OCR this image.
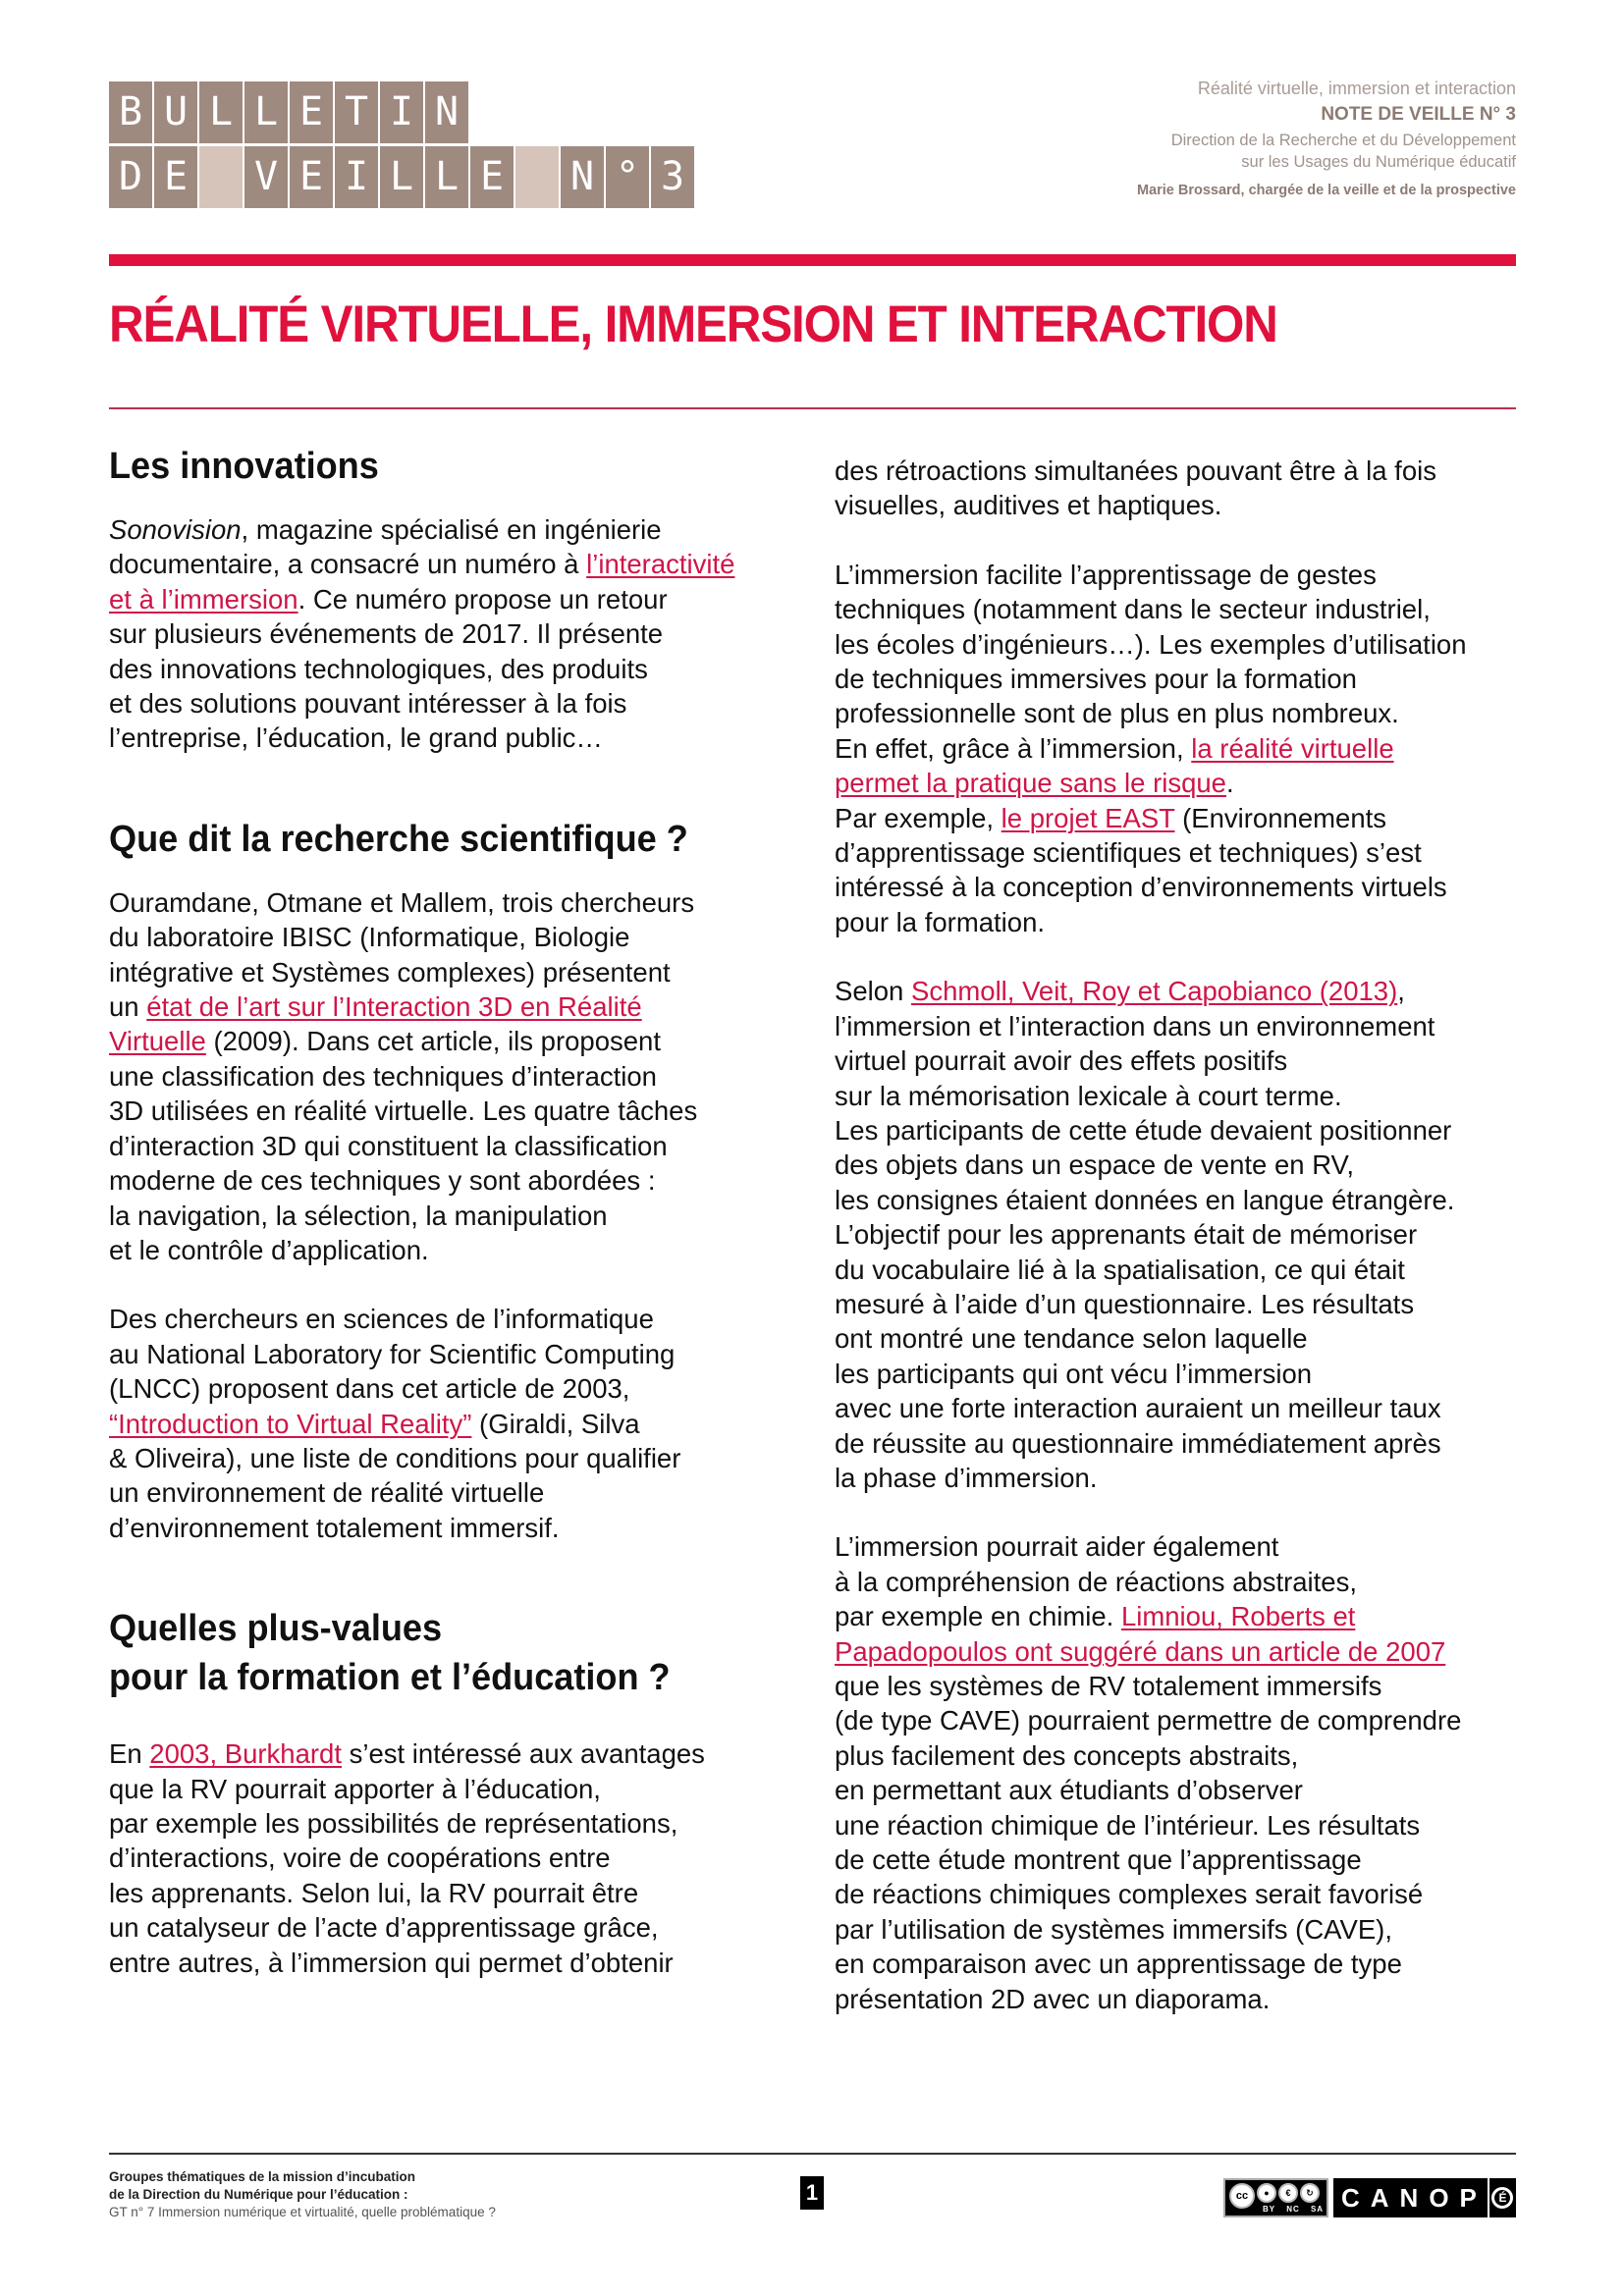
B U L L E T I N
D E V E I L L E N ° 3
Réalité virtuelle, immersion et interaction
NOTE DE VEILLE N° 3
Direction de la Recherche et du Développement
sur les Usages du Numérique éducatif
Marie Brossard, chargée de la veille et de la prospective
RÉALITÉ VIRTUELLE, IMMERSION ET INTERACTION
Les innovations
Sonovision, magazine spécialisé en ingénierie
documentaire, a consacré un numéro à l’interactivité
et à l’immersion. Ce numéro propose un retour
sur plusieurs événements de 2017. Il présente
des innovations technologiques, des produits
et des solutions pouvant intéresser à la fois
l’entreprise, l’éducation, le grand public…
Que dit la recherche scientifique ?
Ouramdane, Otmane et Mallem, trois chercheurs
du laboratoire IBISC (Informatique, Biologie
intégrative et Systèmes complexes) présentent
un état de l’art sur l’Interaction 3D en Réalité
Virtuelle (2009). Dans cet article, ils proposent
une classification des techniques d’interaction
3D utilisées en réalité virtuelle. Les quatre tâches
d’interaction 3D qui constituent la classification
moderne de ces techniques y sont abordées :
la navigation, la sélection, la manipulation
et le contrôle d’application.
Des chercheurs en sciences de l’informatique
au National Laboratory for Scientific Computing
(LNCC) proposent dans cet article de 2003,
“Introduction to Virtual Reality” (Giraldi, Silva
& Oliveira), une liste de conditions pour qualifier
un environnement de réalité virtuelle
d’environnement totalement immersif.
Quelles plus-values
pour la formation et l’éducation ?
En 2003, Burkhardt s’est intéressé aux avantages
que la RV pourrait apporter à l’éducation,
par exemple les possibilités de représentations,
d’interactions, voire de coopérations entre
les apprenants. Selon lui, la RV pourrait être
un catalyseur de l’acte d’apprentissage grâce,
entre autres, à l’immersion qui permet d’obtenir
des rétroactions simultanées pouvant être à la fois
visuelles, auditives et haptiques.
L’immersion facilite l’apprentissage de gestes
techniques (notamment dans le secteur industriel,
les écoles d’ingénieurs…). Les exemples d’utilisation
de techniques immersives pour la formation
professionnelle sont de plus en plus nombreux.
En effet, grâce à l’immersion, la réalité virtuelle
permet la pratique sans le risque.
Par exemple, le projet EAST (Environnements
d’apprentissage scientifiques et techniques) s’est
intéressé à la conception d’environnements virtuels
pour la formation.
Selon Schmoll, Veit, Roy et Capobianco (2013),
l’immersion et l’interaction dans un environnement
virtuel pourrait avoir des effets positifs
sur la mémorisation lexicale à court terme.
Les participants de cette étude devaient positionner
des objets dans un espace de vente en RV,
les consignes étaient données en langue étrangère.
L’objectif pour les apprenants était de mémoriser
du vocabulaire lié à la spatialisation, ce qui était
mesuré à l’aide d’un questionnaire. Les résultats
ont montré une tendance selon laquelle
les participants qui ont vécu l’immersion
avec une forte interaction auraient un meilleur taux
de réussite au questionnaire immédiatement après
la phase d’immersion.
L’immersion pourrait aider également
à la compréhension de réactions abstraites,
par exemple en chimie. Limniou, Roberts et
Papadopoulos ont suggéré dans un article de 2007
que les systèmes de RV totalement immersifs
(de type CAVE) pourraient permettre de comprendre
plus facilement des concepts abstraits,
en permettant aux étudiants d’observer
une réaction chimique de l’intérieur. Les résultats
de cette étude montrent que l’apprentissage
de réactions chimiques complexes serait favorisé
par l’utilisation de systèmes immersifs (CAVE),
en comparaison avec un apprentissage de type
présentation 2D avec un diaporama.
Groupes thématiques de la mission d’incubation
de la Direction du Numérique pour l’éducation :
GT n° 7 Immersion numérique et virtualité, quelle problématique ?
1	cc	●	€	↻
BY NC SA CANOP É
